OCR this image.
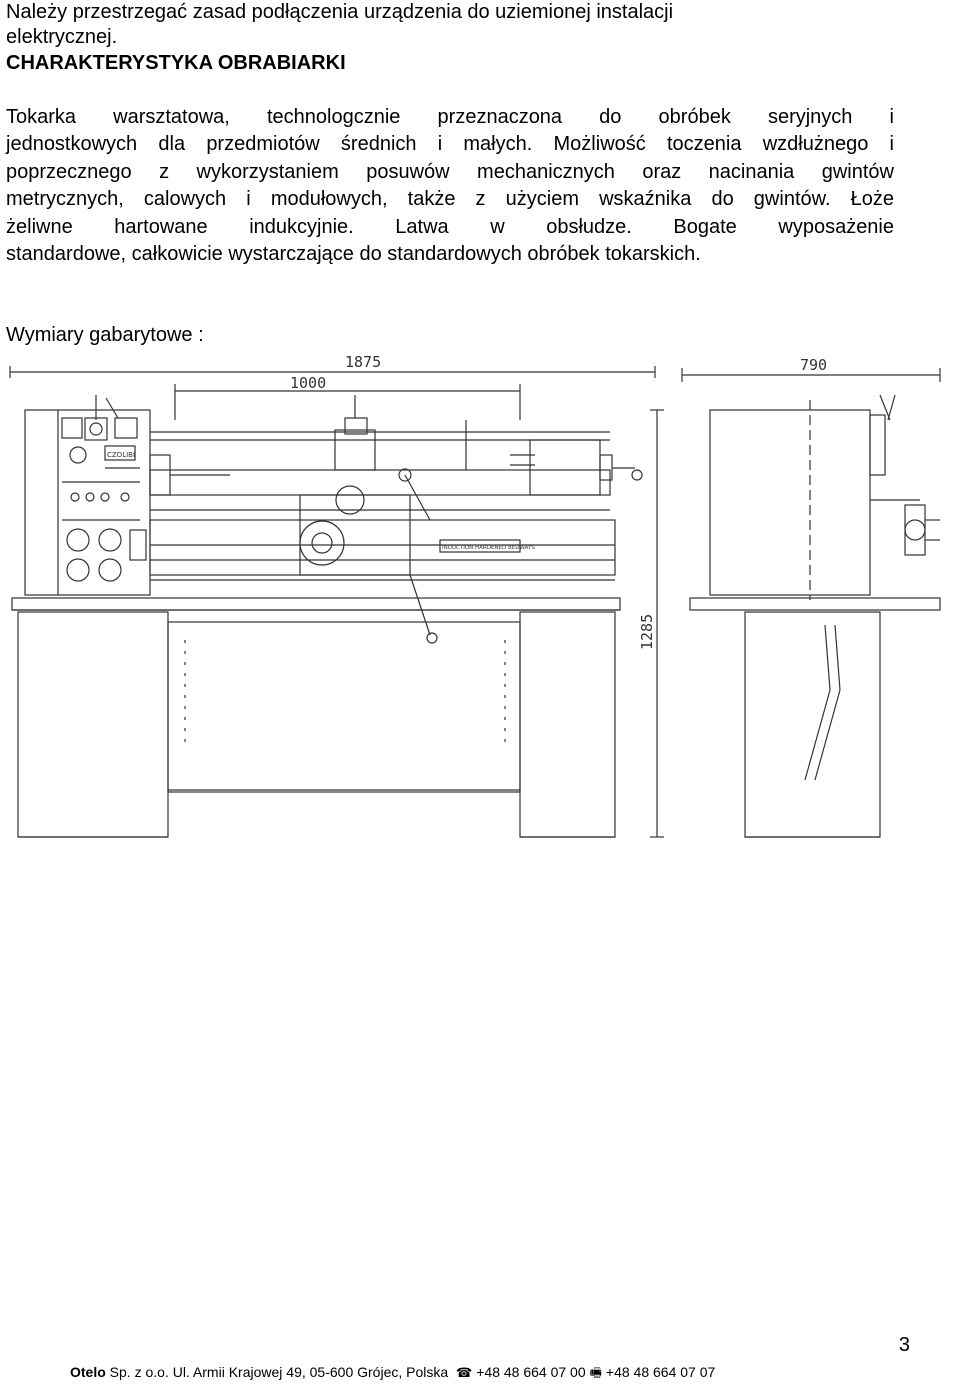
Należy przestrzegać zasad podłączenia urządzenia do uziemionej instalacji
elektrycznej.
CHARAKTERYSTYKA OBRABIARKI
Tokarka warsztatowa, technologcznie przeznaczona do obróbek seryjnych i
jednostkowych dla przedmiotów średnich i małych. Możliwość toczenia wzdłużnego i
poprzecznego z wykorzystaniem posuwów mechanicznych oraz nacinania gwintów
metrycznych, calowych i modułowych, także z użyciem wskaźnika do gwintów. Łoże
żeliwne hartowane indukcyjnie. Latwa w obsłudze. Bogate wyposażenie
standardowe, całkowicie wystarczające do standardowych obróbek tokarskich.
Wymiary gabarytowe :
1875
1000
CZOLIBI
INDUCTION HARDENED BEDWAYS
790
1285
3
Otelo Sp. z o.o. Ul. Armii Krajowej 49, 05-600 Grójec, Polska ☎ +48 48 664 07 00 🖷 +48 48 664 07 07
